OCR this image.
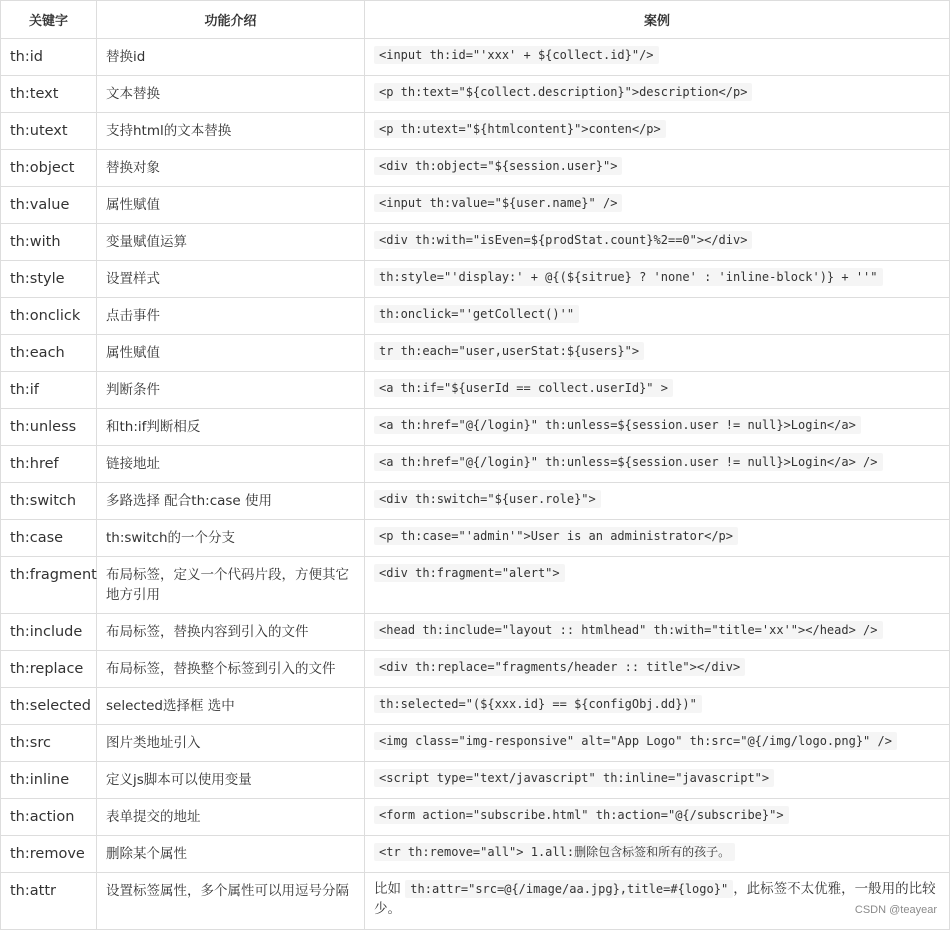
关键字	功能介绍	案例
th:id	替换id	<input th:id="'xxx' + ${collect.id}"/>
th:text	文本替换	<p th:text="${collect.description}">description</p>
th:utext	支持html的文本替换	<p th:utext="${htmlcontent}">conten</p>
th:object	替换对象	<div th:object="${session.user}">
th:value	属性赋值	<input th:value="${user.name}" />
th:with	变量赋值运算	<div th:with="isEven=${prodStat.count}%2==0"></div>
th:style	设置样式	th:style="'display:' + @{(${sitrue} ? 'none' : 'inline-block')} + ''"
th:onclick	点击事件	th:onclick="'getCollect()'"
th:each	属性赋值	tr th:each="user,userStat:${users}">
th:if	判断条件	<a th:if="${userId == collect.userId}" >
th:unless	和th:if判断相反	<a th:href="@{/login}" th:unless=${session.user != null}>Login</a>
th:href	链接地址	<a th:href="@{/login}" th:unless=${session.user != null}>Login</a> />
th:switch	多路选择 配合th:case 使用	<div th:switch="${user.role}">
th:case	th:switch的一个分支	<p th:case="'admin'">User is an administrator</p>
th:fragment	布局标签，定义一个代码片段，方便其它地方引用	<div th:fragment="alert">
th:include	布局标签，替换内容到引入的文件	<head th:include="layout :: htmlhead" th:with="title='xx'"></head> />
th:replace	布局标签，替换整个标签到引入的文件	<div th:replace="fragments/header :: title"></div>
th:selected	selected选择框 选中	th:selected="(${xxx.id} == ${configObj.dd})"
th:src	图片类地址引入	<img class="img-responsive" alt="App Logo" th:src="@{/img/logo.png}" />
th:inline	定义js脚本可以使用变量	<script type="text/javascript" th:inline="javascript">
th:action	表单提交的地址	<form action="subscribe.html" th:action="@{/subscribe}">
th:remove	删除某个属性	<tr th:remove="all"> 1.all:删除包含标签和所有的孩子。
th:attr	设置标签属性，多个属性可以用逗号分隔	比如 th:attr="src=@{/image/aa.jpg},title=#{logo}" ，此标签不太优雅，一般用的比较少。	CSDN @teayear
